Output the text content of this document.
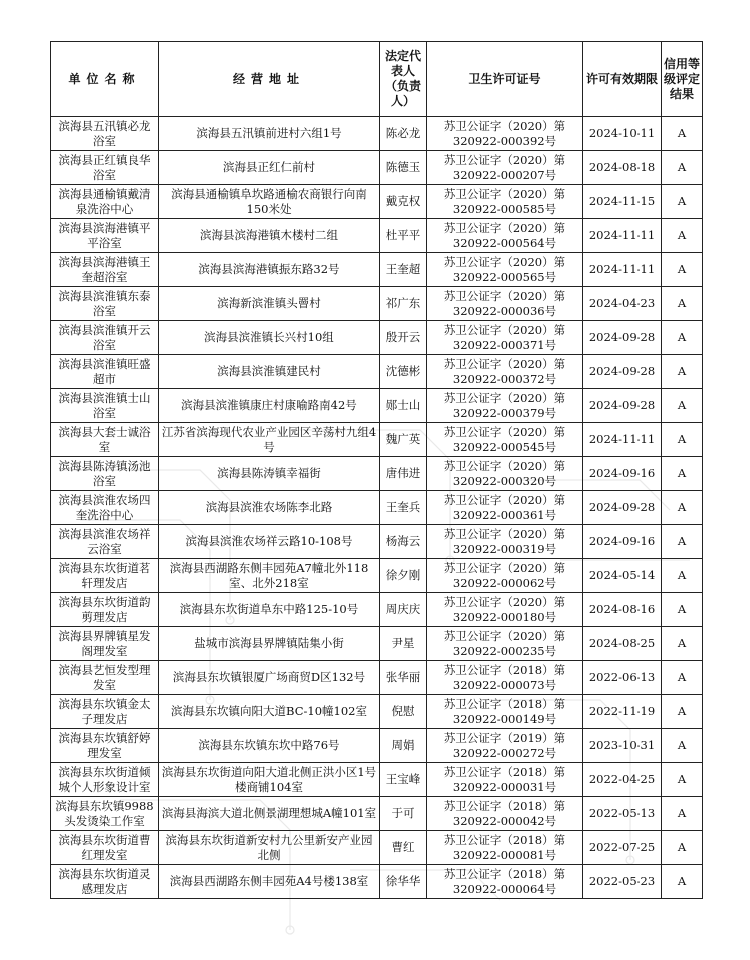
单位名称	经营地址	法定代表人（负责人）	卫生许可证号	许可有效期限	信用等级评定结果
滨海县五汛镇必龙浴室	滨海县五汛镇前进村六组1号	陈必龙	苏卫公证字（2020）第320922-000392号	2024-10-11	A
滨海县正红镇良华浴室	滨海县正红仁前村	陈德玉	苏卫公证字（2020）第320922-000207号	2024-08-18	A
滨海县通榆镇戴清泉洗浴中心	滨海县通榆镇阜坎路通榆农商银行向南150米处	戴克权	苏卫公证字（2020）第320922-000585号	2024-11-15	A
滨海县滨海港镇平平浴室	滨海县滨海港镇木楼村二组	杜平平	苏卫公证字（2020）第320922-000564号	2024-11-11	A
滨海县滨海港镇王奎超浴室	滨海县滨海港镇振东路32号	王奎超	苏卫公证字（2020）第320922-000565号	2024-11-11	A
滨海县滨淮镇东泰浴室	滨海新滨淮镇头罾村	祁广东	苏卫公证字（2020）第320922-000036号	2024-04-23	A
滨海县滨淮镇开云浴室	滨海县滨淮镇长兴村10组	殷开云	苏卫公证字（2020）第320922-000371号	2024-09-28	A
滨海县滨淮镇旺盛超市	滨海县滨淮镇建民村	沈德彬	苏卫公证字（2020）第320922-000372号	2024-09-28	A
滨海县滨淮镇士山浴室	滨海县滨淮镇康庄村康喻路南42号	郧士山	苏卫公证字（2020）第320922-000379号	2024-09-28	A
滨海县大套士诚浴室	江苏省滨海现代农业产业园区辛荡村九组4号	魏广英	苏卫公证字（2020）第320922-000545号	2024-11-11	A
滨海县陈涛镇汤池浴室	滨海县陈涛镇幸福街	唐伟进	苏卫公证字（2020）第320922-000320号	2024-09-16	A
滨海县滨淮农场四奎洗浴中心	滨海县滨淮农场陈李北路	王奎兵	苏卫公证字（2020）第320922-000361号	2024-09-28	A
滨海县滨淮农场祥云浴室	滨海县滨淮农场祥云路10-108号	杨海云	苏卫公证字（2020）第320922-000319号	2024-09-16	A
滨海县东坎街道茗轩理发店	滨海县西湖路东侧丰园苑A7幢北外118室、北外218室	徐夕刚	苏卫公证字（2020）第320922-000062号	2024-05-14	A
滨海县东坎街道韵剪理发店	滨海县东坎街道阜东中路125-10号	周庆庆	苏卫公证字（2020）第320922-000180号	2024-08-16	A
滨海县界牌镇星发阁理发室	盐城市滨海县界牌镇陆集小街	尹星	苏卫公证字（2020）第320922-000235号	2024-08-25	A
滨海县艺恒发型理发室	滨海县东坎镇银厦广场商贸D区132号	张华丽	苏卫公证字（2018）第320922-000073号	2022-06-13	A
滨海县东坎镇金太子理发店	滨海县东坎镇向阳大道BC-10幢102室	倪慰	苏卫公证字（2018）第320922-000149号	2022-11-19	A
滨海县东坎镇舒婷理发室	滨海县东坎镇东坎中路76号	周娟	苏卫公证字（2019）第320922-000272号	2023-10-31	A
滨海县东坎街道倾城个人形象设计室	滨海县东坎街道向阳大道北侧正洪小区1号楼商铺104室	王宝峰	苏卫公证字（2018）第320922-000031号	2022-04-25	A
滨海县东坎镇9988头发烫染工作室	滨海县海滨大道北侧景湖理想城A幢101室	于可	苏卫公证字（2018）第320922-000042号	2022-05-13	A
滨海县东坎街道曹红理发室	滨海县东坎街道新安村九公里新安产业园北侧	曹红	苏卫公证字（2018）第320922-000081号	2022-07-25	A
滨海县东坎街道灵感理发店	滨海县西湖路东侧丰园苑A4号楼138室	徐华华	苏卫公证字（2018）第320922-000064号	2022-05-23	A
